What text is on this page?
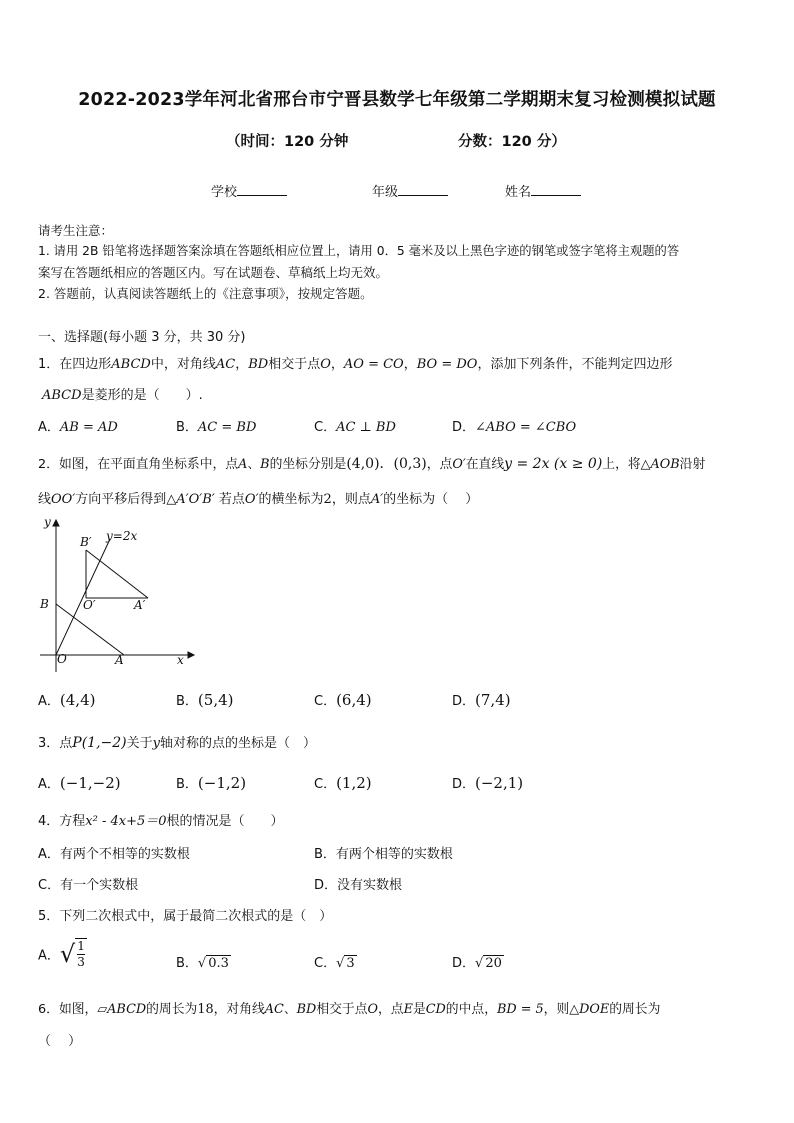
2022-2023学年河北省邢台市宁晋县数学七年级第二学期期末复习检测模拟试题
（时间：120 分钟	分数：120 分）
学校	年级	姓名
请考生注意：
1. 请用 2B 铅笔将选择题答案涂填在答题纸相应位置上，请用 0．5 毫米及以上黑色字迹的钢笔或签字笔将主观题的答
案写在答题纸相应的答题区内。写在试题卷、草稿纸上均无效。
2. 答题前，认真阅读答题纸上的《注意事项》，按规定答题。
一、选择题(每小题 3 分，共 30 分)
1．在四边形ABCD中，对角线AC，BD相交于点O，AO = CO，BO = DO，添加下列条件，不能判定四边形
ABCD是菱形的是（　　）.
A．AB = AD	B．AC = BD	C．AC ⊥ BD	D．∠ABO = ∠CBO
2．如图，在平面直角坐标系中，点A、B的坐标分别是(4,0)．(0,3)，点O′在直线y = 2x (x ≥ 0)上，将△AOB沿射
线OO′方向平移后得到△A′O′B′ 若点O′的横坐标为2，则点A′的坐标为（　 ）
y
x
O	A
B
B′
O′	A′
y=2x
A．(4,4)	B．(5,4)	C．(6,4)	D．(7,4)
3．点P(1,−2)关于y轴对称的点的坐标是（　）
A．(−1,−2)	B．(−1,2)	C．(1,2)	D．(−2,1)
4．方程x² - 4x+5＝0根的情况是（　　）
A．有两个不相等的实数根	B．有两个相等的实数根
C．有一个实数根	D．没有实数根
5．下列二次根式中，属于最简二次根式的是（　）
A．√ $\frac{1}{3}$	B．√ 0.3	C．√ 3	D．√ 20
6．如图，▱ABCD的周长为18，对角线AC、BD相交于点O，点E是CD的中点，BD = 5，则△DOE的周长为
（　 ）
